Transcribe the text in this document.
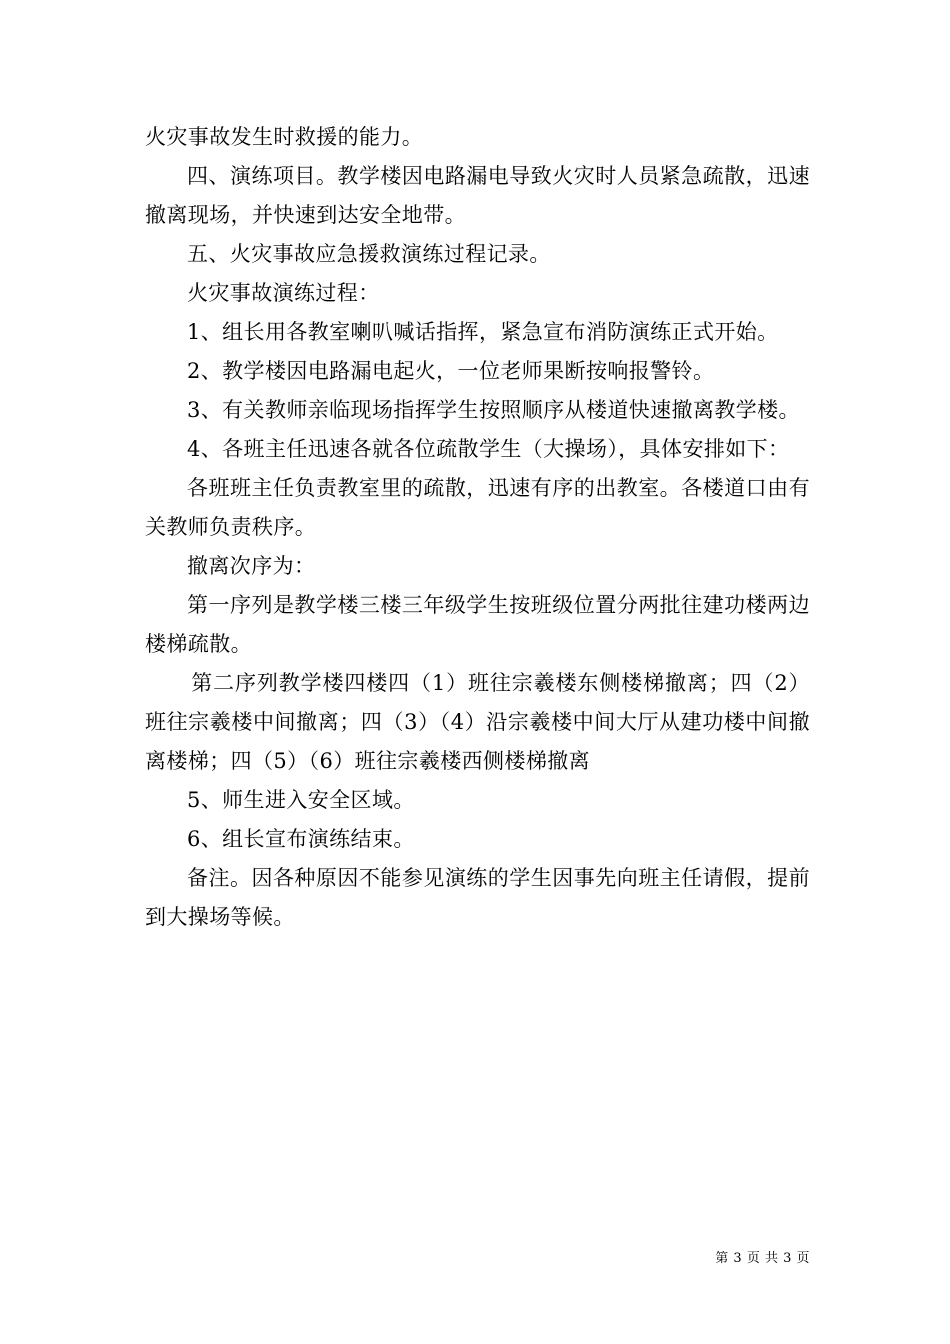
火灾事故发生时救援的能力。

四、演练项目。教学楼因电路漏电导致火灾时人员紧急疏散，迅速撤离现场，并快速到达安全地带。

五、火灾事故应急援救演练过程记录。

火灾事故演练过程：

1、组长用各教室喇叭喊话指挥，紧急宣布消防演练正式开始。

2、教学楼因电路漏电起火，一位老师果断按响报警铃。

3、有关教师亲临现场指挥学生按照顺序从楼道快速撤离教学楼。

4、各班主任迅速各就各位疏散学生（大操场），具体安排如下：

各班班主任负责教室里的疏散，迅速有序的出教室。各楼道口由有关教师负责秩序。

撤离次序为：

第一序列是教学楼三楼三年级学生按班级位置分两批往建功楼两边楼梯疏散。

第二序列教学楼四楼四（1）班往宗羲楼东侧楼梯撤离；四（2）班往宗羲楼中间撤离；四（3）（4）沿宗羲楼中间大厅从建功楼中间撤离楼梯；四（5）（6）班往宗羲楼西侧楼梯撤离

5、师生进入安全区域。

6、组长宣布演练结束。

备注。因各种原因不能参见演练的学生因事先向班主任请假，提前到大操场等候。

第 3 页 共 3 页
